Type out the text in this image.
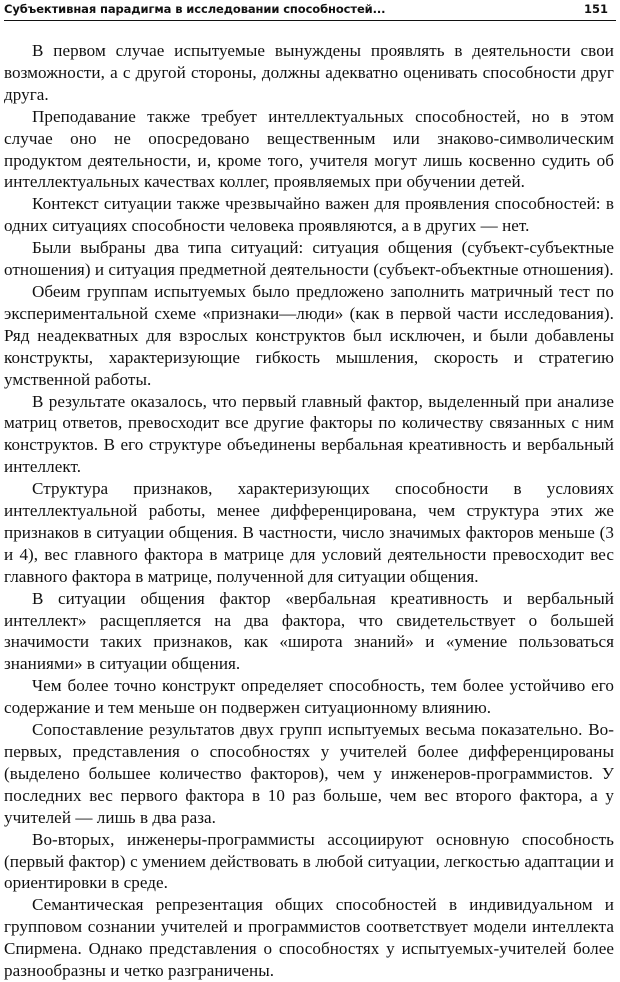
Субъективная парадигма в исследовании способностей...	151

В первом случае испытуемые вынуждены проявлять в деятельности свои возможности, а с другой стороны, должны адекватно оценивать способности друг друга.

Преподавание также требует интеллектуальных способностей, но в этом случае оно не опосредовано вещественным или знаково-символическим продуктом деятельности, и, кроме того, учителя могут лишь косвенно судить об интеллектуальных качествах коллег, проявляемых при обучении детей.

Контекст ситуации также чрезвычайно важен для проявления способностей: в одних ситуациях способности человека проявляются, а в других — нет.

Были выбраны два типа ситуаций: ситуация общения (субъект-субъектные отношения) и ситуация предметной деятельности (субъект-объектные отношения).

Обеим группам испытуемых было предложено заполнить матричный тест по экспериментальной схеме «признаки—люди» (как в первой части исследования). Ряд неадекватных для взрослых конструктов был исключен, и были добавлены конструкты, характеризующие гибкость мышления, скорость и стратегию умственной работы.

В результате оказалось, что первый главный фактор, выделенный при анализе матриц ответов, превосходит все другие факторы по количеству связанных с ним конструктов. В его структуре объединены вербальная креативность и вербальный интеллект.

Структура признаков, характеризующих способности в условиях интеллектуальной работы, менее дифференцирована, чем структура этих же признаков в ситуации общения. В частности, число значимых факторов меньше (3 и 4), вес главного фактора в матрице для условий деятельности превосходит вес главного фактора в матрице, полученной для ситуации общения.

В ситуации общения фактор «вербальная креативность и вербальный интеллект» расщепляется на два фактора, что свидетельствует о большей значимости таких признаков, как «широта знаний» и «умение пользоваться знаниями» в ситуации общения.

Чем более точно конструкт определяет способность, тем более устойчиво его содержание и тем меньше он подвержен ситуационному влиянию.

Сопоставление результатов двух групп испытуемых весьма показательно. Во-первых, представления о способностях у учителей более дифференцированы (выделено большее количество факторов), чем у инженеров-программистов. У последних вес первого фактора в 10 раз больше, чем вес второго фактора, а у учителей — лишь в два раза.

Во-вторых, инженеры-программисты ассоциируют основную способность (первый фактор) с умением действовать в любой ситуации, легкостью адаптации и ориентировки в среде.

Семантическая репрезентация общих способностей в индивидуальном и групповом сознании учителей и программистов соответствует модели интеллекта Спирмена. Однако представления о способностях у испытуемых-учителей более разнообразны и четко разграничены.
